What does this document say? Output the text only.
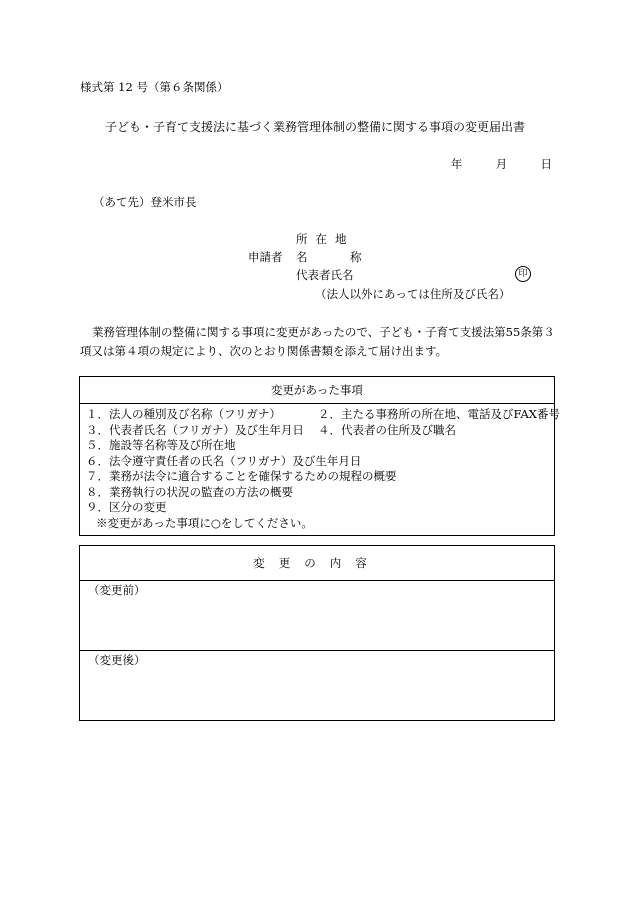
様式第 12 号（第６条関係）
子ども・子育て支援法に基づく業務管理体制の整備に関する事項の変更届出書
年	月	日
（あて先）登米市長
所在地
申請者 名	称
代表者氏名	印
（法人以外にあっては住所及び氏名）
業務管理体制の整備に関する事項に変更があったので、子ども・子育て支援法第55条第３項又は第４項の規定により、次のとおり関係書類を添えて届け出ます。
変更があった事項
１．法人の種別及び名称（フリガナ）	２．主たる事務所の所在地、電話及びFAX番号
３．代表者氏名（フリガナ）及び生年月日 ４．代表者の住所及び職名
５．施設等名称等及び所在地
６．法令遵守責任者の氏名（フリガナ）及び生年月日
７．業務が法令に適合することを確保するための規程の概要
８．業務執行の状況の監査の方法の概要
９．区分の変更
※変更があった事項に○をしてください。
変更の内容
（変更前）
（変更後）
